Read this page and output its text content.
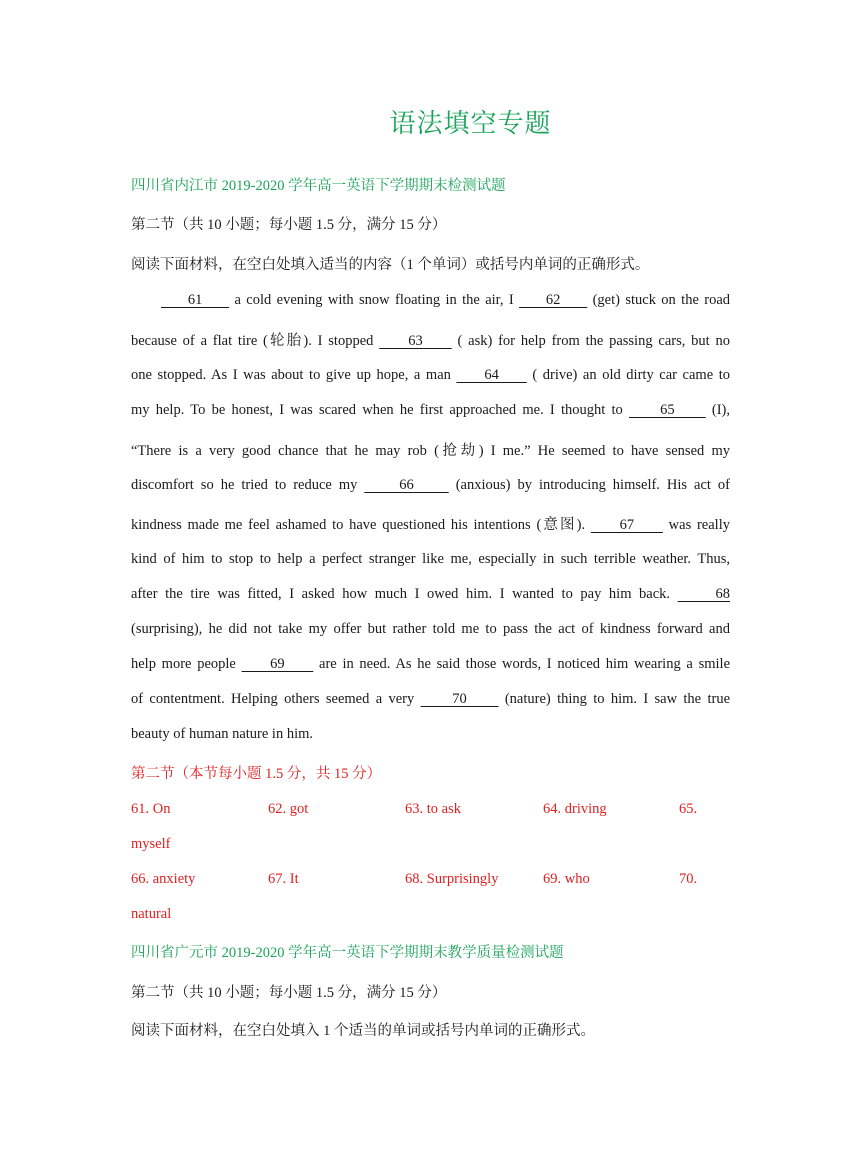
语法填空专题
四川省内江市 2019-2020 学年高一英语下学期期末检测试题
第二节（共 10 小题；每小题 1.5 分，满分 15 分）
阅读下面材料，在空白处填入适当的内容（1 个单词）或括号内单词的正确形式。
61      a cold evening with snow floating in the air, I      62      (get) stuck on the road
because of a flat tire (轮胎). I stopped      63      ( ask) for help from the passing cars, but no
one stopped. As I was about to give up hope, a man      64      ( drive) an old dirty car came to
my help. To be honest, I was scared when he first approached me. I thought to      65      (I),
“There is a very good chance that he may rob (抢劫) I me.” He seemed to have sensed my
discomfort so he tried to reduce my      66      (anxious) by introducing himself. His act of
kindness made me feel ashamed to have questioned his intentions (意图).      67      was really
kind of him to stop to help a perfect stranger like me, especially in such terrible weather. Thus,
after the tire was fitted, I asked how much I owed him. I wanted to pay him back.      68
(surprising), he did not take my offer but rather told me to pass the act of kindness forward and
help more people      69      are in need. As he said those words, I noticed him wearing a smile
of contentment. Helping others seemed a very      70      (nature) thing to him. I saw the true
beauty of human nature in him.
第二节（本节每小题 1.5 分，共 15 分）
61. On	62. got	63. to ask	64. driving	65.
myself
66. anxiety	67. It	68. Surprisingly	69. who	70.
natural
四川省广元市 2019-2020 学年高一英语下学期期末教学质量检测试题
第二节（共 10 小题；每小题 1.5 分，满分 15 分）
阅读下面材料，在空白处填入 1 个适当的单词或括号内单词的正确形式。
